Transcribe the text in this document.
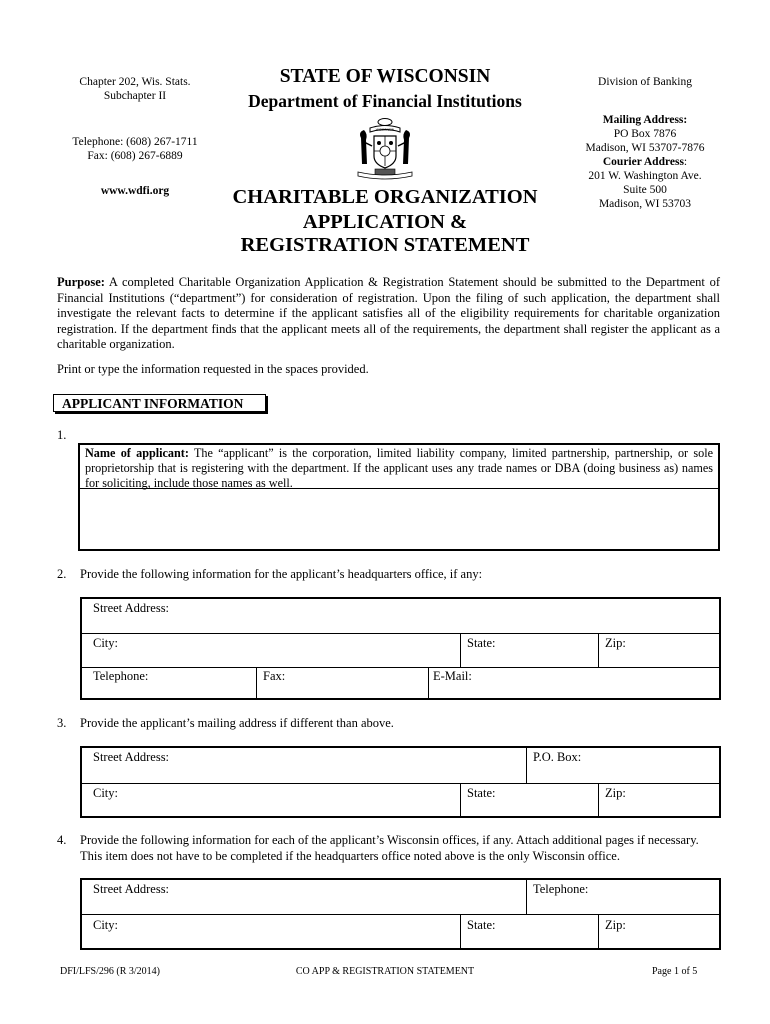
Chapter 202, Wis. Stats.
Subchapter II
Telephone: (608) 267-1711
Fax: (608) 267-6889
www.wdfi.org
STATE OF WISCONSIN
Department of Financial Institutions
WISCONSIN
CHARITABLE ORGANIZATION
APPLICATION &
REGISTRATION STATEMENT
Division of Banking
Mailing Address:
PO Box 7876
Madison, WI 53707-7876
Courier Address:
201 W. Washington Ave.
Suite 500
Madison, WI 53703
Purpose: A completed Charitable Organization Application & Registration Statement should be submitted to the Department of Financial Institutions (“department”) for consideration of registration. Upon the filing of such application, the department shall investigate the relevant facts to determine if the applicant satisfies all of the eligibility requirements for charitable organization registration. If the department finds that the applicant meets all of the requirements, the department shall register the applicant as a charitable organization.
Print or type the information requested in the spaces provided.
APPLICANT INFORMATION
1.
Name of applicant: The “applicant” is the corporation, limited liability company, limited partnership, partnership, or sole proprietorship that is registering with the department. If the applicant uses any trade names or DBA (doing business as) names for soliciting, include those names as well.
2. Provide the following information for the applicant’s headquarters office, if any:
Street Address:
City:	State:	Zip:
Telephone:	Fax:	E-Mail:
3. Provide the applicant’s mailing address if different than above.
Street Address:	P.O. Box:
City:	State:	Zip:
4. Provide the following information for each of the applicant’s Wisconsin offices, if any. Attach additional pages if necessary.
This item does not have to be completed if the headquarters office noted above is the only Wisconsin office.
Street Address:	Telephone:
City:	State:	Zip:
DFI/LFS/296 (R 3/2014)	CO APP & REGISTRATION STATEMENT	Page 1 of 5
